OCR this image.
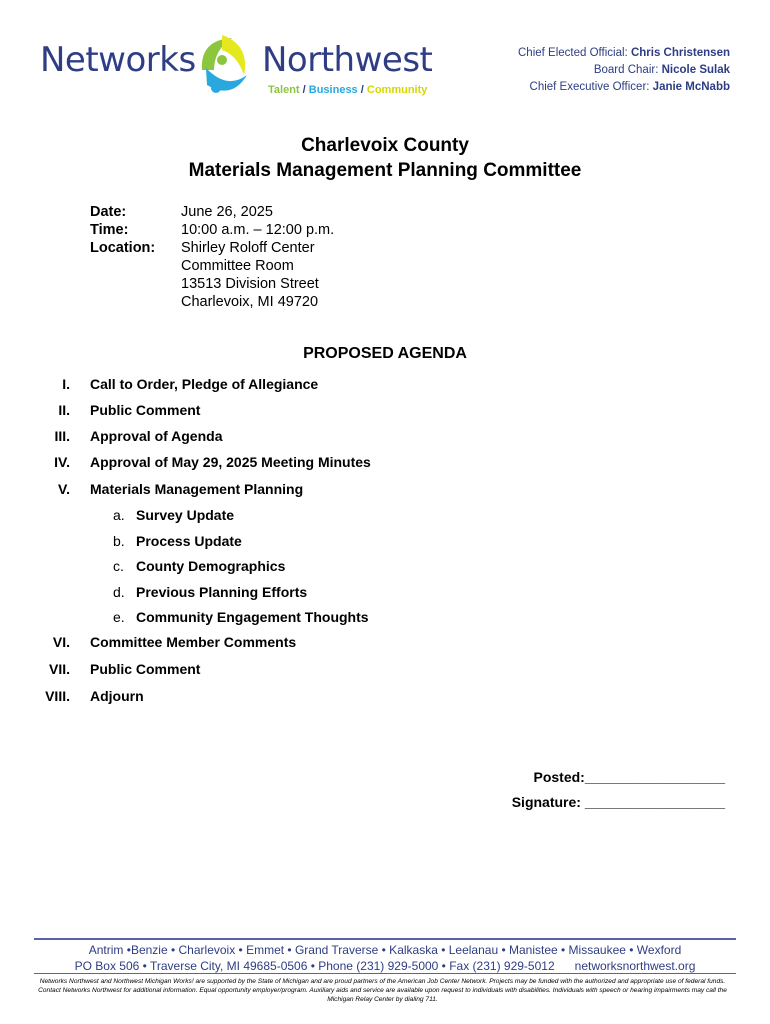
Networks Northwest
Talent / Business / Community
Chief Elected Official: Chris Christensen
Board Chair: Nicole Sulak
Chief Executive Officer: Janie McNabb
Charlevoix County
Materials Management Planning Committee
Date:
Time:
Location:
June 26, 2025
10:00 a.m. – 12:00 p.m.
Shirley Roloff Center
Committee Room
13513 Division Street
Charlevoix, MI 49720
PROPOSED AGENDA
I. Call to Order, Pledge of Allegiance
II. Public Comment
III. Approval of Agenda
IV. Approval of May 29, 2025 Meeting Minutes
V. Materials Management Planning
VI. Committee Member Comments
VII. Public Comment
VIII. Adjourn
a. Survey Update
b. Process Update
c. County Demographics
d. Previous Planning Efforts
e. Community Engagement Thoughts
Posted:__________________
Signature: __________________
Antrim •Benzie • Charlevoix • Emmet • Grand Traverse • Kalkaska • Leelanau • Manistee • Missaukee • Wexford
PO Box 506 • Traverse City, MI 49685-0506 • Phone (231) 929-5000 • Fax (231) 929-5012 networksnorthwest.org
Networks Northwest and Northwest Michigan Works! are supported by the State of Michigan and are proud partners of the American Job Center Network. Projects may be funded with the authorized and appropriate use of federal funds. Contact Networks Northwest for additional information. Equal opportunity employer/program. Auxiliary aids and service are available upon request to individuals with disabilities. Individuals with speech or hearing impairments may call the Michigan Relay Center by dialing 711.
